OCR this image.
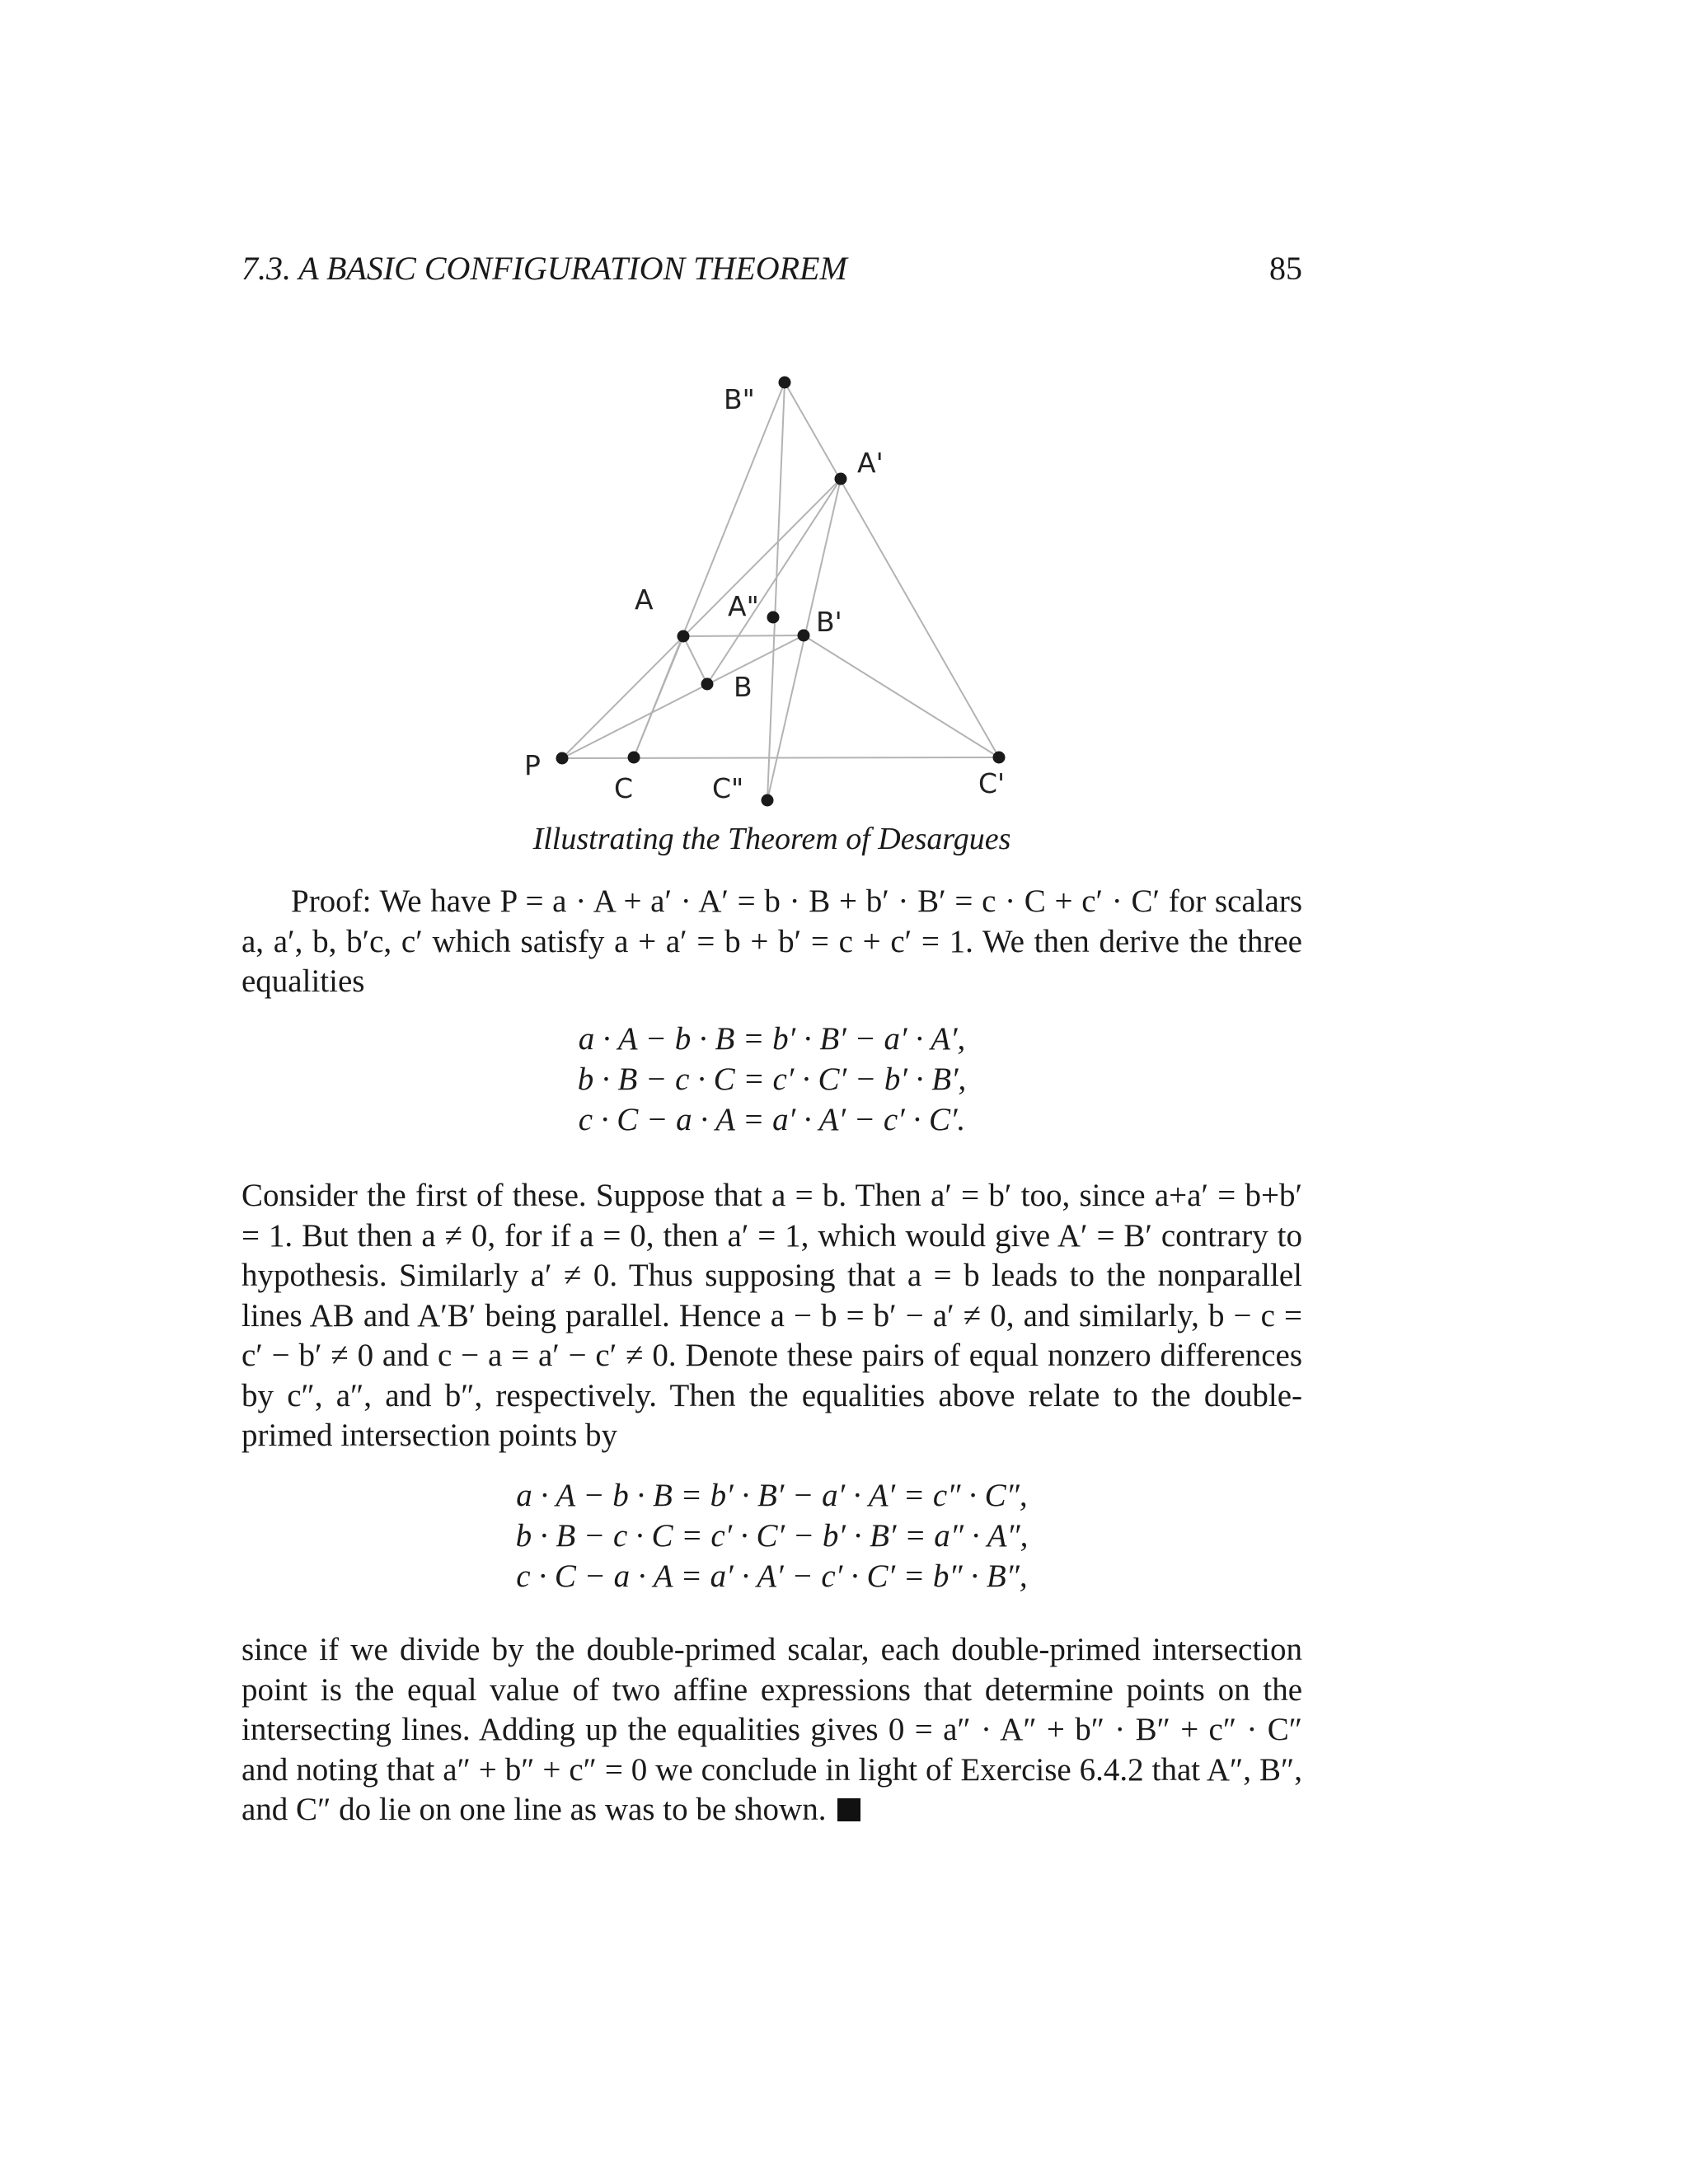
7.3. A BASIC CONFIGURATION THEOREM	85
P
C	C"	C'
A	A"
B
B'
A'
B"
Illustrating the Theorem of Desargues

Proof: We have P = a · A + a′ · A′ = b · B + b′ · B′ = c · C + c′ · C′ for scalars a, a′, b, b′c, c′ which satisfy a + a′ = b + b′ = c + c′ = 1. We then derive the three equalities

a · A − b · B = b′ · B′ − a′ · A′,
b · B − c · C = c′ · C′ − b′ · B′,
c · C − a · A = a′ · A′ − c′ · C′.

Consider the first of these. Suppose that a = b. Then a′ = b′ too, since a+a′ = b+b′ = 1. But then a ≠ 0, for if a = 0, then a′ = 1, which would give A′ = B′ contrary to hypothesis. Similarly a′ ≠ 0. Thus supposing that a = b leads to the nonparallel lines AB and A′B′ being parallel. Hence a − b = b′ − a′ ≠ 0, and similarly, b − c = c′ − b′ ≠ 0 and c − a = a′ − c′ ≠ 0. Denote these pairs of equal nonzero differences by c″, a″, and b″, respectively. Then the equalities above relate to the double-primed intersection points by

a · A − b · B = b′ · B′ − a′ · A′ = c″ · C″,
b · B − c · C = c′ · C′ − b′ · B′ = a″ · A″,
c · C − a · A = a′ · A′ − c′ · C′ = b″ · B″,

since if we divide by the double-primed scalar, each double-primed intersection point is the equal value of two affine expressions that determine points on the intersecting lines. Adding up the equalities gives 0 = a″ · A″ + b″ · B″ + c″ · C″ and noting that a″ + b″ + c″ = 0 we conclude in light of Exercise 6.4.2 that A″, B″, and C″ do lie on one line as was to be shown.
